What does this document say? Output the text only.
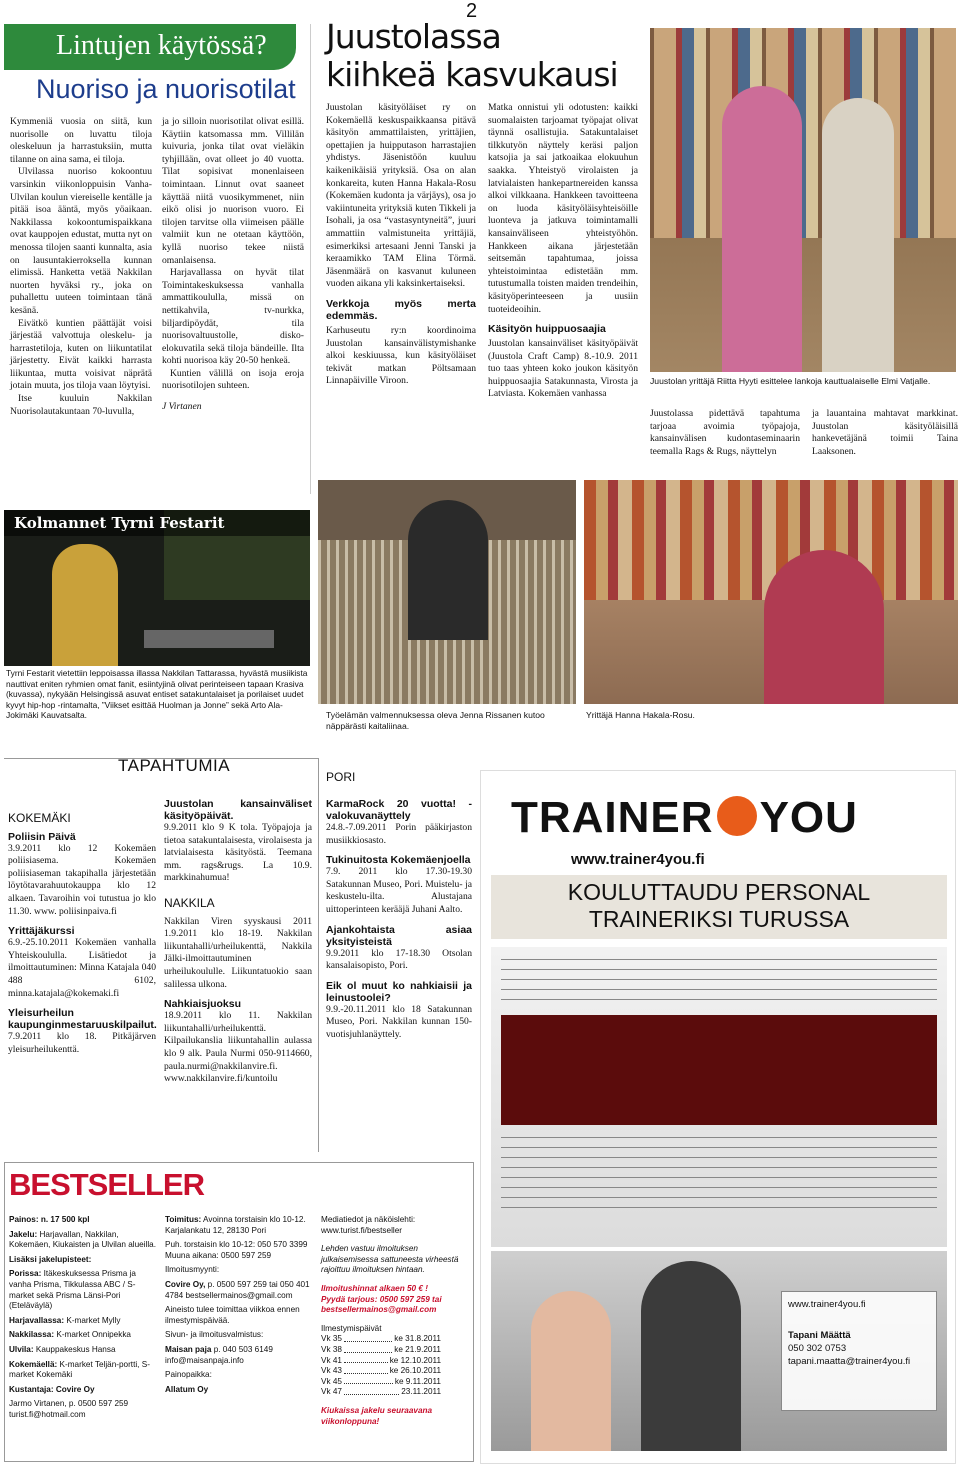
2
Lintujen käytössä?
Nuoriso ja nuorisotilat

Kymmeniä vuosia on siitä, kun nuorisolle on luvattu tiloja oleskeluun ja harrastuksiin, mutta tilanne on aina sama, ei tiloja.

Ulvilassa nuoriso kokoontuu varsinkin viikonloppuisin Vanha-Ulvilan koulun viereiselle kentälle ja pitää isoa ääntä, myös yöaikaan. Nakkilassa kokoontumispaikkana ovat kauppojen edustat, mutta nyt on menossa tilojen saanti kunnalta, asia on lausuntakierroksella kunnan elimissä. Hanketta vetää Nakkilan nuorten hyväksi ry., joka on puhallettu uuteen toimintaan tänä kesänä.

Eivätkö kuntien päättäjät voisi järjestää valvottuja oleskelu- ja harrastetiloja, kuten on liikuntatilat järjestetty. Eivät kaikki harrasta liikuntaa, mutta voisivat näprätä jotain muuta, jos tiloja vaan löytyisi.

Itse kuuluin Nakkilan Nuorisolautakuntaan 70-luvulla,

ja jo silloin nuorisotilat olivat esillä. Käytiin katsomassa mm. Villilän kuivuria, jonka tilat ovat vieläkin tyhjillään, ovat olleet jo 40 vuotta. Tilat sopisivat monenlaiseen toimintaan. Linnut ovat saaneet käyttää niitä vuosikymmenet, niin eikö olisi jo nuorison vuoro. Ei tilojen tarvitse olla viimeisen päälle valmiit kun ne otetaan käyttöön, kyllä nuoriso tekee niistä omanlaisensa.

Harjavallassa on hyvät tilat Toimintakeskuksessa vanhalla ammattikoululla, missä on nettikahvila, tv-nurkka, biljardipöydät, tila nuorisovaltuustolle, disko-elokuvatila sekä tiloja bändeille. Ilta kohti nuorisoa käy 20-50 henkeä.

Kuntien välillä on isoja eroja nuorisotilojen suhteen.

J Virtanen

Juustolassa
kiihkeä kasvukausi

Juustolan käsityöläiset ry on Kokemäellä keskuspaikkaansa pitävä käsityön ammattilaisten, yrittäjien, opettajien ja huipputason harrastajien yhdistys. Jäsenistöön kuuluu kaikenikäisiä yrityksiä. Osa on alan konkareita, kuten Hanna Hakala-Rosu (Kokemäen kudonta ja värjäys), osa jo vakiintuneita yrityksiä kuten Tikkeli ja Isohali, ja osa “vastasyntyneitä”, juuri ammattiin valmistuneita yrittäjiä, esimerkiksi artesaani Jenni Tanski ja keraamikko TAM Elina Törmä. Jäsenmäärä on kasvanut kuluneen vuoden aikana yli kaksinkertaiseksi.

Verkkoja myös merta edemmäs.

Karhuseutu ry:n koordinoima Juustolan kansainvälistymishanke alkoi keskiuussa, kun käsityöläiset tekivät matkan Pöltsamaan Linnapäiville Viroon.

Matka onnistui yli odotusten: kaikki suomalaisten tarjoamat työpajat olivat täynnä osallistujia. Satakuntalaiset tilkkutyön näyttely keräsi paljon katsojia ja sai jatkoaikaa elokuuhun saakka. Yhteistyö virolaisten ja latvialaisten hankepartnereiden kanssa alkoi vilkkaana. Hankkeen tavoitteena on luoda käsityöläisyhteisöille luonteva ja jatkuva toimintamalli kansainväliseen yhteistyöhön. Hankkeen aikana järjestetään seitsemän tapahtumaa, joissa yhteistoimintaa edistetään mm. tutustumalla toisten maiden trendeihin, käsityöperinteeseen ja uusiin tuoteideoihin.

Käsityön huippuosaajia

Juustolan kansainväliset käsityöpäivät (Juustola Craft Camp) 8.-10.9. 2011 tuo taas yhteen koko joukon käsityön huippuosaajia Satakunnasta, Virosta ja Latviasta. Kokemäen vanhassa

Juustolan yrittäjä Riitta Hyyti esittelee lankoja kauttualaiselle Elmi Vatjalle.

Juustolassa pidettävä tapahtuma tarjoaa avoimia työpajoja, kansainvälisen kudontaseminaarin teemalla Rags & Rugs, näyttelyn

ja lauantaina mahtavat markkinat. Juustolan käsityöläisillä hankevetäjänä toimii Taina Laaksonen.

Kolmannet Tyrni Festarit
Tyrni Festarit vietettiin leppoisassa illassa Nakkilan Tattarassa, hyvästä musiikista nauttivat eniten ryhmien omat fanit, esiintyjinä olivat perinteiseen tapaan Krasiva (kuvassa), nykyään Helsingissä asuvat entiset satakuntalaiset ja porilaiset uudet kyvyt hip-hop -rintamalta, ”Viikset esittää Huolman ja Jonne” sekä Arto Ala-Jokimäki Kauvatsalta.	Työelämän valmennuksessa oleva Jenna Rissanen kutoo näppärästi kaitaliinaa.
Yrittäjä Hanna Hakala-Rosu.
TAPAHTUMIA
KOKEMÄKI
Poliisin Päivä

3.9.2011 klo 12 Kokemäen poliisiasema. Kokemäen poliisiaseman takapihalla järjestetään löytötavarahuutokauppa klo 12 alkaen. Tavaroihin voi tutustua jo klo 11.30. www. poliisinpaiva.fi

Yrittäjäkurssi

6.9.-25.10.2011 Kokemäen vanhalla Yhteiskoululla. Lisätiedot ja ilmoittautuminen: Minna Katajala 040 488 6102, minna.katajala@kokemaki.fi

Yleisurheilun kaupunginmestaruuskilpailut.

7.9.2011 klo 18. Pitkäjärven yleisurheilukenttä.

Juustolan kansainväliset käsityöpäivät.

9.9.2011 klo 9 K tola. Työpajoja ja tietoa satakuntalaisesta, virolaisesta ja latvialaisesta käsityöstä. Teemana mm. rags&rugs. La 10.9. markkinahumua!

NAKKILA

Nakkilan Viren syyskausi 2011 1.9.2011 klo 18-19. Nakkilan liikuntahalli/urheilukenttä, Nakkila Jälki-ilmoittautuminen urheilukoululle. Liikuntatuokio saan salilessa ulkona.

Nahkiaisjuoksu

18.9.2011 klo 11. Nakkilan liikuntahalli/urheilukenttä. Kilpailukanslia liikuntahallin aulassa klo 9 alk. Paula Nurmi 050-9114660, paula.nurmi@nakkilanvire.fi. www.nakkilanvire.fi/kuntoilu

PORI
KarmaRock 20 vuotta! -valokuvanäyttely

24.8.-7.09.2011 Porin pääkirjaston musiikkiosasto.

Tukinuitosta Kokemäenjoella

7.9. 2011 klo 17.30-19.30 Satakunnan Museo, Pori. Muistelu- ja keskustelu-ilta. Alustajana uittoperinteen kerääjä Juhani Aalto.

Ajankohtaista asiaa yksityisteistä

9.9.2011 klo 17-18.30 Otsolan kansalaisopisto, Pori.

Eik ol muut ko nahkiaisii ja leinustoolei?

9.9.-20.11.2011 klo 18 Satakunnan Museo, Pori. Nakkilan kunnan 150-vuotisjuhlanäyttely.

TRAINER YOU
www.trainer4you.fi
KOULUTTAUDU PERSONAL
TRAINERIKSI TURUSSA
www.trainer4you.fi
Tapani Määttä
050 302 0753
tapani.maatta@trainer4you.fi
BESTSELLER
Painos: n. 17 500 kpl
Jakelu: Harjavallan, Nakkilan, Kokemäen, Kiukaisten ja Ulvilan alueilla.
Lisäksi jakelupisteet:
Porissa: Itäkeskuksessa Prisma ja vanha Prisma, Tikkulassa ABC / S-market sekä Prisma Länsi-Pori (Eteläväylä)
Harjavallassa: K-market Mylly
Nakkilassa: K-market Onnipekka
Ulvila: Kauppakeskus Hansa
Kokemäellä: K-market Teljän-portti, S-market Kokemäki
Kustantaja: Covire Oy
Jarmo Virtanen, p. 0500 597 259 turist.fi@hotmail.com
Toimitus: Avoinna torstaisin klo 10-12. Karjalankatu 12, 28130 Pori
Puh. torstaisin klo 10-12: 050 570 3399 Muuna aikana: 0500 597 259
Ilmoitusmyynti:
Covire Oy, p. 0500 597 259 tai 050 401 4784 bestsellermainos@gmail.com
Aineisto tulee toimittaa viikkoa ennen ilmestymispäivää.
Sivun- ja ilmoitusvalmistus:
Maisan paja p. 040 503 6149 info@maisanpaja.info
Painopaikka:
Allatum Oy
Mediatiedot ja näköislehti: www.turist.fi/bestseller
Lehden vastuu ilmoituksen julkaisemisessa sattuneesta virheestä rajoittuu ilmoituksen hintaan.
Ilmoitushinnat alkaen 50 € !
Pyydä tarjous: 0500 597 259 tai bestsellermainos@gmail.com
Ilmestymispäivät
Vk 35	ke 31.8.2011
Vk 38	ke 21.9.2011
Vk 41	ke 12.10.2011
Vk 43	ke 26.10.2011
Vk 45	ke 9.11.2011
Vk 47	23.11.2011
Kiukaissa jakelu seuraavana viikonloppuna!
